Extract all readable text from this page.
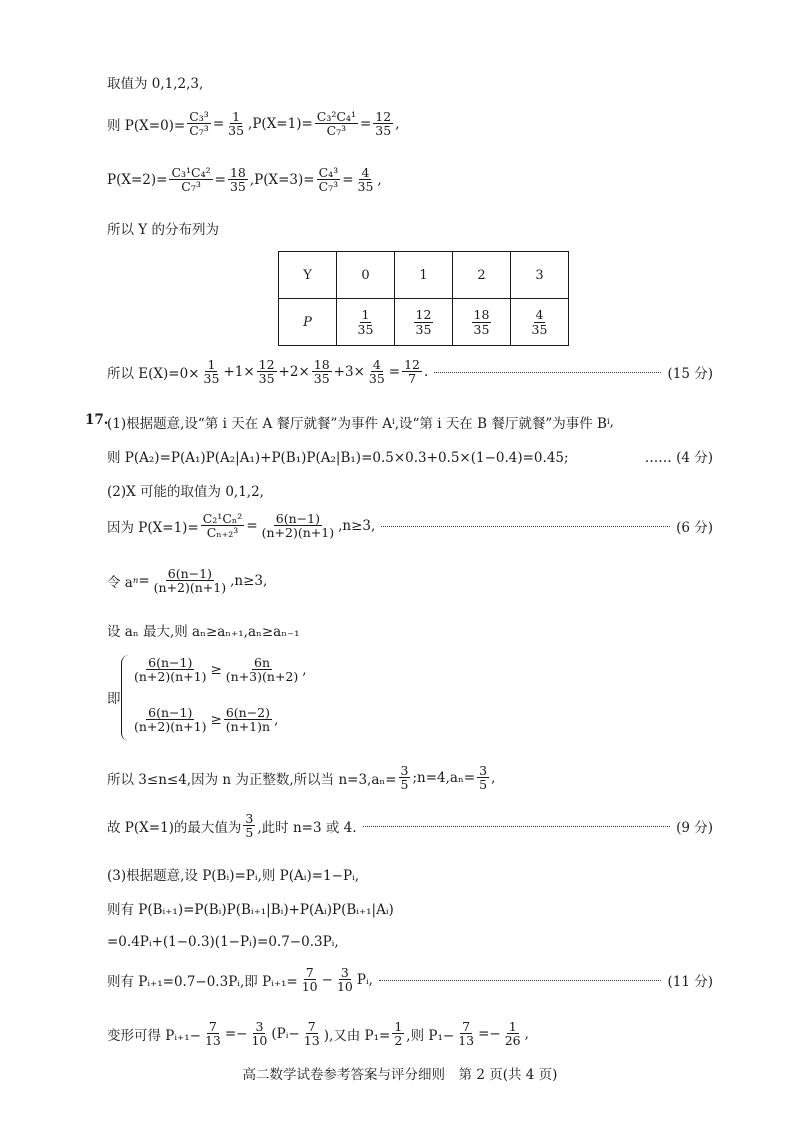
取值为 0,1,2,3,
则 $P(X=0)= \frac{\text{C₃³}}{\text{C₇³}} = \frac{1}{35} ,P(X=1)= \frac{\text{C₃²C₄¹}}{\text{C₇³}} = \frac{12}{35}$ ,
$P(X=2)= \frac{\text{C₃¹C₄²}}{\text{C₇³}} = \frac{18}{35} ,P(X=3)= \frac{\text{C₄³}}{\text{C₇³}} = \frac{4}{35}$ ,
所以 Y 的分布列为
Y	0	1	2	3
P	$\frac{1}{35}$	$\frac{12}{35}$	$\frac{18}{35}$	$\frac{4}{35}$
所以 $E(X)=0\times \frac{1}{35} +1\times \frac{12}{35} +2\times \frac{18}{35} +3\times \frac{4}{35} = \frac{12}{7}$ .	(15 分)
17.
(1)根据题意,设“第 i 天在 A 餐厅就餐”为事件 A i ,设“第 i 天在 B 餐厅就餐”为事件 B i ,
则 P(A₂)=P(A₁)P(A₂|A₁)+P(B₁)P(A₂|B₁)=0.5×0.3+0.5×(1−0.4)=0.45;	…… (4 分)
(2)X 可能的取值为 0,1,2,
因为 $P(X=1)= \frac{\text{C₂¹Cₙ²}}{\text{Cₙ₊₂³}} = \frac{6(n-1)}{(n+2)(n+1)} ,n\ge 3$,	(6 分)
令 a $n = \frac{6(n-1)}{(n+2)(n+1)} ,n\ge 3$,
设 aₙ 最大,则 aₙ≥aₙ₊₁,aₙ≥aₙ₋₁
即
$\frac{6(n-1)}{(n+2)(n+1)} \ge \frac{6n}{(n+3)(n+2)}$ ,
$\frac{6(n-1)}{(n+2)(n+1)} \ge \frac{6(n-2)}{(n+1)n}$ ,
所以 3≤n≤4,因为 n 为正整数,所以当 $n=3,a_n= \frac{3}{5}$ ;n=4,aₙ= $\frac{3}{5}$ ,
故 P(X=1)的最大值为 $\frac{3}{5}$ ,此时 n=3 或 4.	(9 分)
(3)根据题意,设 P(Bᵢ)=Pᵢ,则 P(Aᵢ)=1−Pᵢ,
则有 P(Bᵢ₊₁)=P(Bᵢ)P(Bᵢ₊₁|Bᵢ)+P(Aᵢ)P(Bᵢ₊₁|Aᵢ)
=0.4Pᵢ+(1−0.3)(1−Pᵢ)=0.7−0.3Pᵢ,
则有 Pᵢ₊₁=0.7−0.3Pᵢ,即 Pᵢ₊₁= $\frac{7}{10} - \frac{3}{10}$ Pᵢ,	(11 分)
变形可得 Pᵢ₊₁− $\frac{7}{13} =- \frac{3}{10}$ (Pᵢ− $\frac{7}{13}$ ),又由 $P_1= \frac{1}{2}$ ,则 $P_1- \frac{7}{13} =- \frac{1}{26}$ ,
高二数学试卷参考答案与评分细则　第 2 页(共 4 页)
